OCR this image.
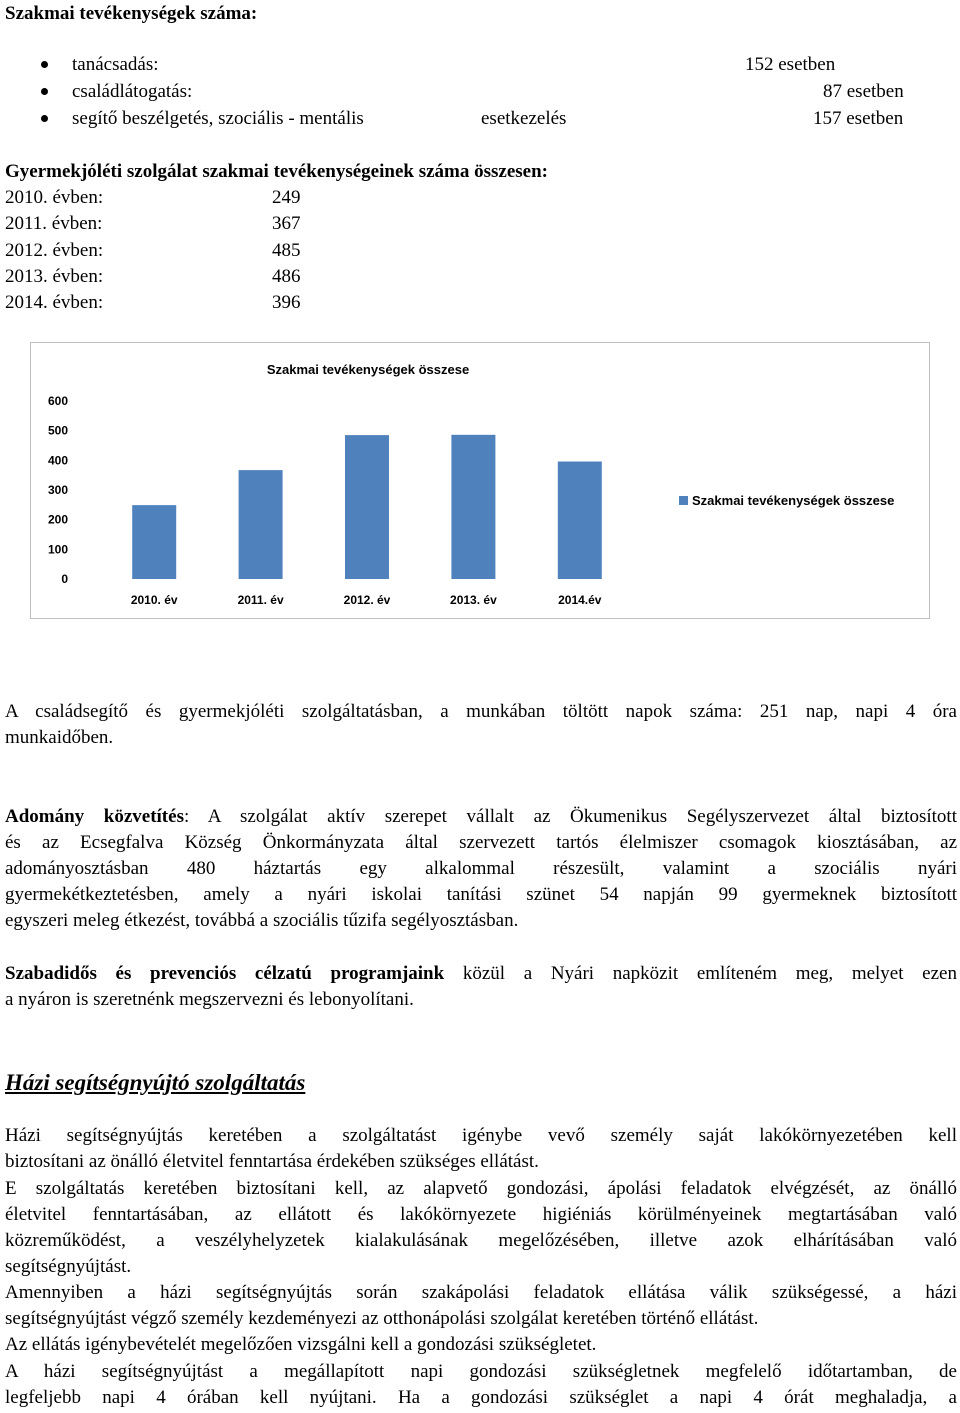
Szakmai tevékenységek száma:
tanácsadás:	152 esetben
családlátogatás:	87 esetben
segítő beszélgetés, szociális - mentális	esetkezelés	157 esetben
Gyermekjóléti szolgálat szakmai tevékenységeinek száma összesen:
2010. évben:	249
2011. évben:	367
2012. évben:	485
2013. évben:	486
2014. évben:	396
Szakmai tevékenységek összese
0
100
200
300
400
500
600
2010. év	2011. év	2012. év	2013. év	2014.év
Szakmai tevékenységek összese
A családsegítő és gyermekjóléti szolgáltatásban, a munkában töltött napok száma: 251 nap, napi 4 óra
munkaidőben.
Adomány közvetítés: A szolgálat aktív szerepet vállalt az Ökumenikus Segélyszervezet által biztosított
és az Ecsegfalva Község Önkormányzata által szervezett tartós élelmiszer csomagok kiosztásában, az
adományosztásban 480 háztartás egy alkalommal részesült, valamint a szociális nyári
gyermekétkeztetésben, amely a nyári iskolai tanítási szünet 54 napján 99 gyermeknek biztosított
egyszeri meleg étkezést, továbbá a szociális tűzifa segélyosztásban.
Szabadidős és prevenciós célzatú programjaink közül a Nyári napközit említeném meg, melyet ezen
a nyáron is szeretnénk megszervezni és lebonyolítani.
Házi segítségnyújtó szolgáltatás
Házi segítségnyújtás keretében a szolgáltatást igénybe vevő személy saját lakókörnyezetében kell
biztosítani az önálló életvitel fenntartása érdekében szükséges ellátást.
E szolgáltatás keretében biztosítani kell, az alapvető gondozási, ápolási feladatok elvégzését, az önálló
életvitel fenntartásában, az ellátott és lakókörnyezete higiéniás körülményeinek megtartásában való
közreműködést, a veszélyhelyzetek kialakulásának megelőzésében, illetve azok elhárításában való
segítségnyújtást.
Amennyiben a házi segítségnyújtás során szakápolási feladatok ellátása válik szükségessé, a házi
segítségnyújtást végző személy kezdeményezi az otthonápolási szolgálat keretében történő ellátást.
Az ellátás igénybevételét megelőzően vizsgálni kell a gondozási szükségletet.
A házi segítségnyújtást a megállapított napi gondozási szükségletnek megfelelő időtartamban, de
legfeljebb napi 4 órában kell nyújtani. Ha a gondozási szükséglet a napi 4 órát meghaladja, a
